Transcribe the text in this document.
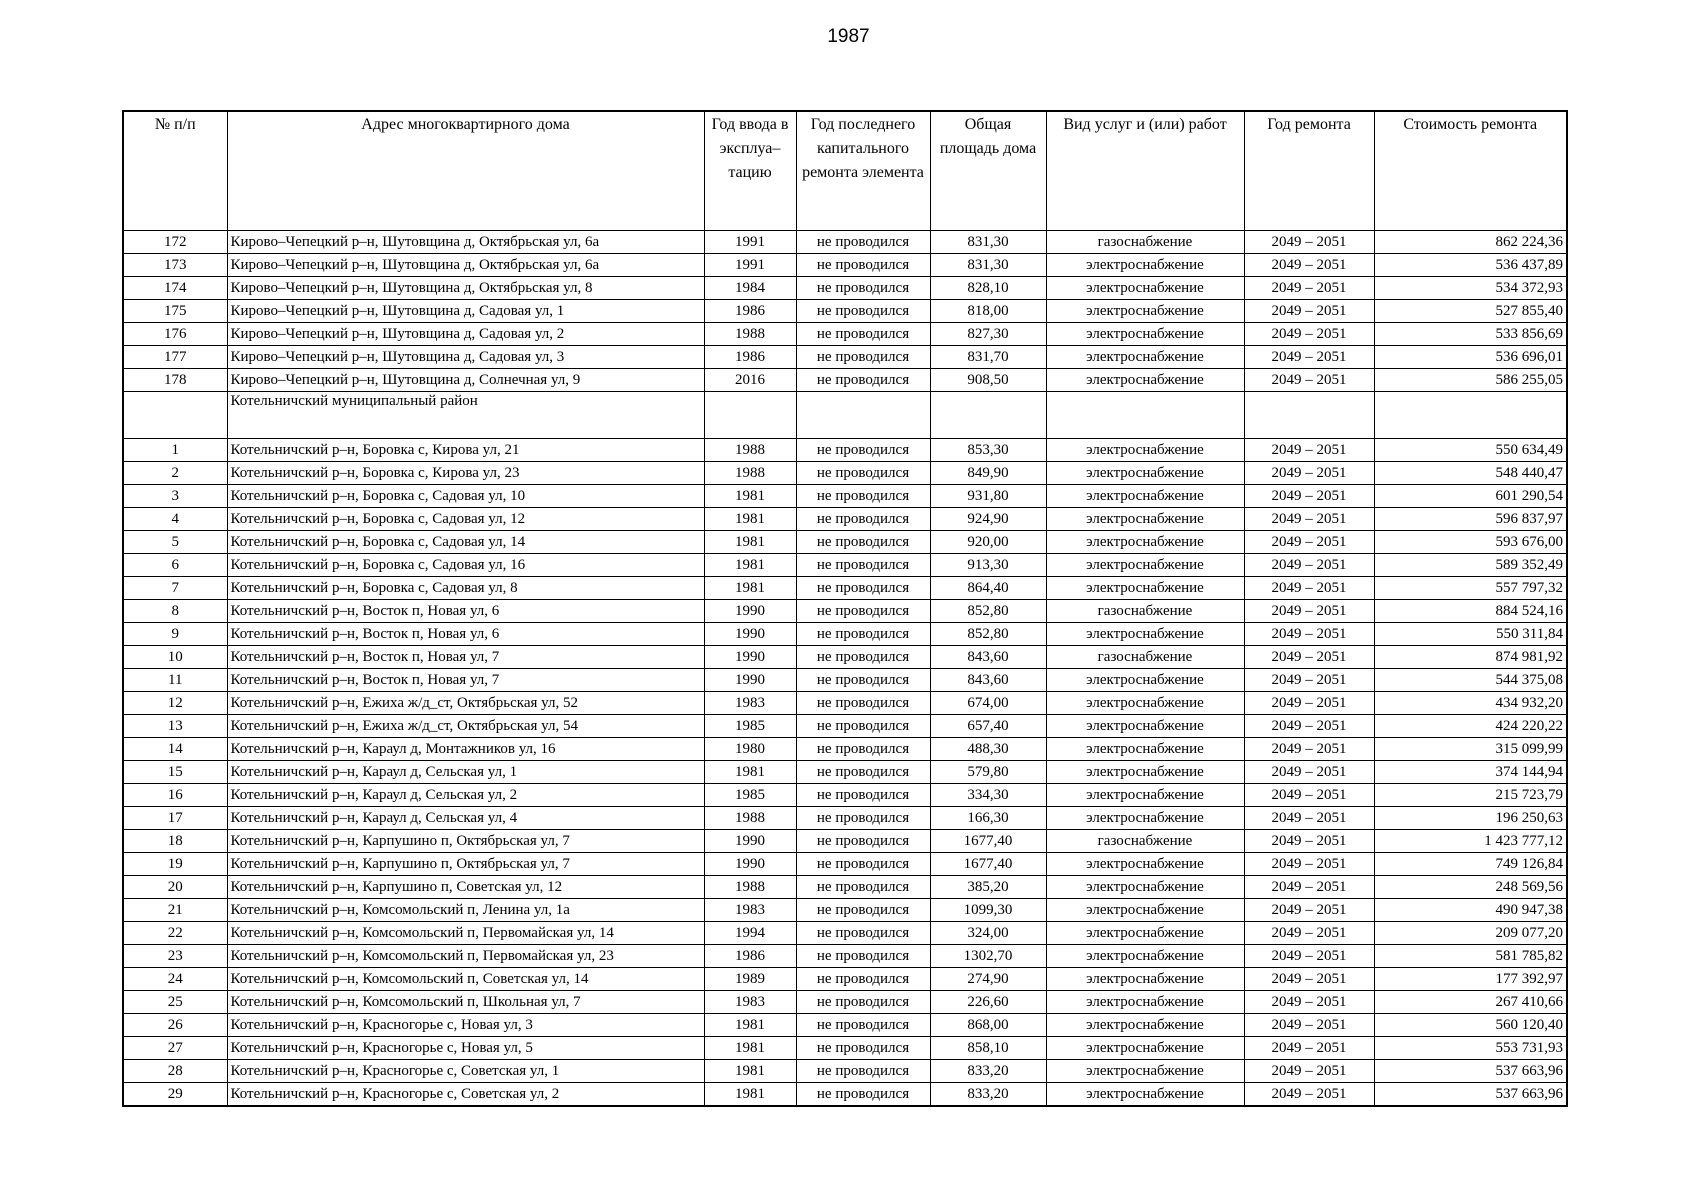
1987
№ п/п	Адрес многоквартирного дома	Год ввода в эксплуа–тацию	Год последнего капитального ремонта элемента	Общая площадь дома	Вид услуг и (или) работ	Год ремонта	Стоимость ремонта
172	Кирово–Чепецкий р–н, Шутовщина д, Октябрьская ул, 6а	1991	не проводился	831,30	газоснабжение	2049 – 2051	862 224,36
173	Кирово–Чепецкий р–н, Шутовщина д, Октябрьская ул, 6а	1991	не проводился	831,30	электроснабжение	2049 – 2051	536 437,89
174	Кирово–Чепецкий р–н, Шутовщина д, Октябрьская ул, 8	1984	не проводился	828,10	электроснабжение	2049 – 2051	534 372,93
175	Кирово–Чепецкий р–н, Шутовщина д, Садовая ул, 1	1986	не проводился	818,00	электроснабжение	2049 – 2051	527 855,40
176	Кирово–Чепецкий р–н, Шутовщина д, Садовая ул, 2	1988	не проводился	827,30	электроснабжение	2049 – 2051	533 856,69
177	Кирово–Чепецкий р–н, Шутовщина д, Садовая ул, 3	1986	не проводился	831,70	электроснабжение	2049 – 2051	536 696,01
178	Кирово–Чепецкий р–н, Шутовщина д, Солнечная ул, 9	2016	не проводился	908,50	электроснабжение	2049 – 2051	586 255,05
	Котельничский муниципальный район						
1	Котельничский р–н, Боровка с, Кирова ул, 21	1988	не проводился	853,30	электроснабжение	2049 – 2051	550 634,49
2	Котельничский р–н, Боровка с, Кирова ул, 23	1988	не проводился	849,90	электроснабжение	2049 – 2051	548 440,47
3	Котельничский р–н, Боровка с, Садовая ул, 10	1981	не проводился	931,80	электроснабжение	2049 – 2051	601 290,54
4	Котельничский р–н, Боровка с, Садовая ул, 12	1981	не проводился	924,90	электроснабжение	2049 – 2051	596 837,97
5	Котельничский р–н, Боровка с, Садовая ул, 14	1981	не проводился	920,00	электроснабжение	2049 – 2051	593 676,00
6	Котельничский р–н, Боровка с, Садовая ул, 16	1981	не проводился	913,30	электроснабжение	2049 – 2051	589 352,49
7	Котельничский р–н, Боровка с, Садовая ул, 8	1981	не проводился	864,40	электроснабжение	2049 – 2051	557 797,32
8	Котельничский р–н, Восток п, Новая ул, 6	1990	не проводился	852,80	газоснабжение	2049 – 2051	884 524,16
9	Котельничский р–н, Восток п, Новая ул, 6	1990	не проводился	852,80	электроснабжение	2049 – 2051	550 311,84
10	Котельничский р–н, Восток п, Новая ул, 7	1990	не проводился	843,60	газоснабжение	2049 – 2051	874 981,92
11	Котельничский р–н, Восток п, Новая ул, 7	1990	не проводился	843,60	электроснабжение	2049 – 2051	544 375,08
12	Котельничский р–н, Ежиха ж/д_ст, Октябрьская ул, 52	1983	не проводился	674,00	электроснабжение	2049 – 2051	434 932,20
13	Котельничский р–н, Ежиха ж/д_ст, Октябрьская ул, 54	1985	не проводился	657,40	электроснабжение	2049 – 2051	424 220,22
14	Котельничский р–н, Караул д, Монтажников ул, 16	1980	не проводился	488,30	электроснабжение	2049 – 2051	315 099,99
15	Котельничский р–н, Караул д, Сельская ул, 1	1981	не проводился	579,80	электроснабжение	2049 – 2051	374 144,94
16	Котельничский р–н, Караул д, Сельская ул, 2	1985	не проводился	334,30	электроснабжение	2049 – 2051	215 723,79
17	Котельничский р–н, Караул д, Сельская ул, 4	1988	не проводился	166,30	электроснабжение	2049 – 2051	196 250,63
18	Котельничский р–н, Карпушино п, Октябрьская ул, 7	1990	не проводился	1677,40	газоснабжение	2049 – 2051	1 423 777,12
19	Котельничский р–н, Карпушино п, Октябрьская ул, 7	1990	не проводился	1677,40	электроснабжение	2049 – 2051	749 126,84
20	Котельничский р–н, Карпушино п, Советская ул, 12	1988	не проводился	385,20	электроснабжение	2049 – 2051	248 569,56
21	Котельничский р–н, Комсомольский п, Ленина ул, 1а	1983	не проводился	1099,30	электроснабжение	2049 – 2051	490 947,38
22	Котельничский р–н, Комсомольский п, Первомайская ул, 14	1994	не проводился	324,00	электроснабжение	2049 – 2051	209 077,20
23	Котельничский р–н, Комсомольский п, Первомайская ул, 23	1986	не проводился	1302,70	электроснабжение	2049 – 2051	581 785,82
24	Котельничский р–н, Комсомольский п, Советская ул, 14	1989	не проводился	274,90	электроснабжение	2049 – 2051	177 392,97
25	Котельничский р–н, Комсомольский п, Школьная ул, 7	1983	не проводился	226,60	электроснабжение	2049 – 2051	267 410,66
26	Котельничский р–н, Красногорье с, Новая ул, 3	1981	не проводился	868,00	электроснабжение	2049 – 2051	560 120,40
27	Котельничский р–н, Красногорье с, Новая ул, 5	1981	не проводился	858,10	электроснабжение	2049 – 2051	553 731,93
28	Котельничский р–н, Красногорье с, Советская ул, 1	1981	не проводился	833,20	электроснабжение	2049 – 2051	537 663,96
29	Котельничский р–н, Красногорье с, Советская ул, 2	1981	не проводился	833,20	электроснабжение	2049 – 2051	537 663,96
